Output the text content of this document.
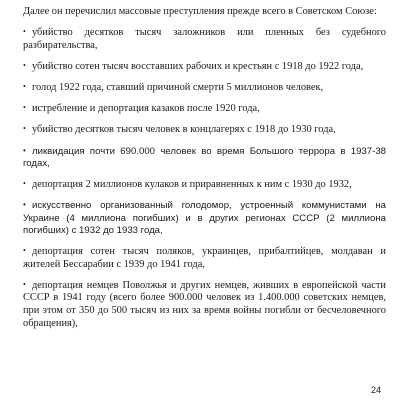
Далее он перечислил массовые преступления прежде всего в Советском Союзе:

• убийство десятков тысяч заложников или пленных без судебного разбирательства,
• убийство сотен тысяч восставших рабочих и крестьян с 1918 до 1922 года,
• голод 1922 года, ставший причиной смерти 5 миллионов человек,
• истребление и депортация казаков после 1920 года,
• убийство десятков тысяч человек в концлагерях с 1918 до 1930 года,
• ликвидация почти 690.000 человек во время Большого террора в 1937-38 годах,
• депортация 2 миллионов кулаков и приравненных к ним с 1930 до 1932,
• искусственно организованный голодомор, устроенный коммунистами на Украине (4 миллиона погибших) и в других регионах СССР (2 миллиона погибших) с 1932 до 1933 года,
• депортация сотен тысяч поляков, украинцев, прибалтийцев, молдаван и жителей Бессарабии с 1939 до 1941 года,
• депортация немцев Поволжья и других немцев, живших в европейской части СССР в 1941 году (всего более 900.000 человек из 1.400.000 советских немцев, при этом от 350 до 500 тысяч из них за время войны погибли от бесчеловечного обращения),
24
